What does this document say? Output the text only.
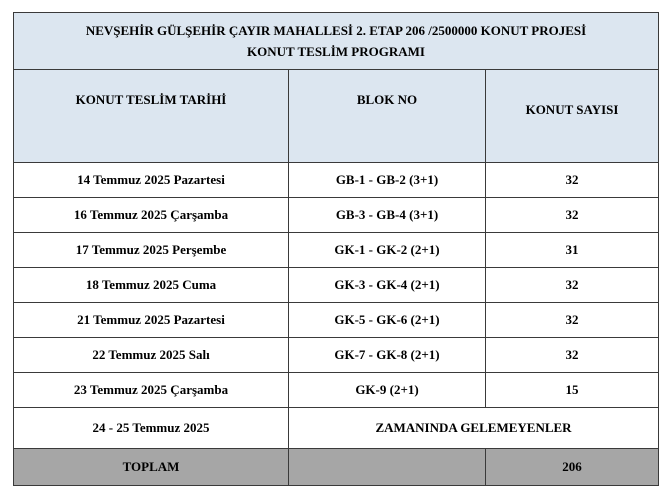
NEVŞEHİR GÜLŞEHİR ÇAYIR MAHALLESİ 2. ETAP 206 /2500000 KONUT PROJESİ
KONUT TESLİM PROGRAMI		

KONUT TESLİM TARİHİ	BLOK NO	KONUT SAYISI
14 Temmuz 2025 Pazartesi	GB-1 - GB-2 (3+1)	32
16 Temmuz 2025 Çarşamba	GB-3 - GB-4 (3+1)	32
17 Temmuz 2025 Perşembe	GK-1 - GK-2 (2+1)	31
18 Temmuz 2025 Cuma	GK-3 - GK-4 (2+1)	32
21 Temmuz 2025 Pazartesi	GK-5 - GK-6 (2+1)	32
22 Temmuz 2025 Salı	GK-7 - GK-8 (2+1)	32
23 Temmuz 2025 Çarşamba	GK-9 (2+1)	15
24 - 25 Temmuz 2025	ZAMANINDA GELEMEYENLER	
TOPLAM		206
